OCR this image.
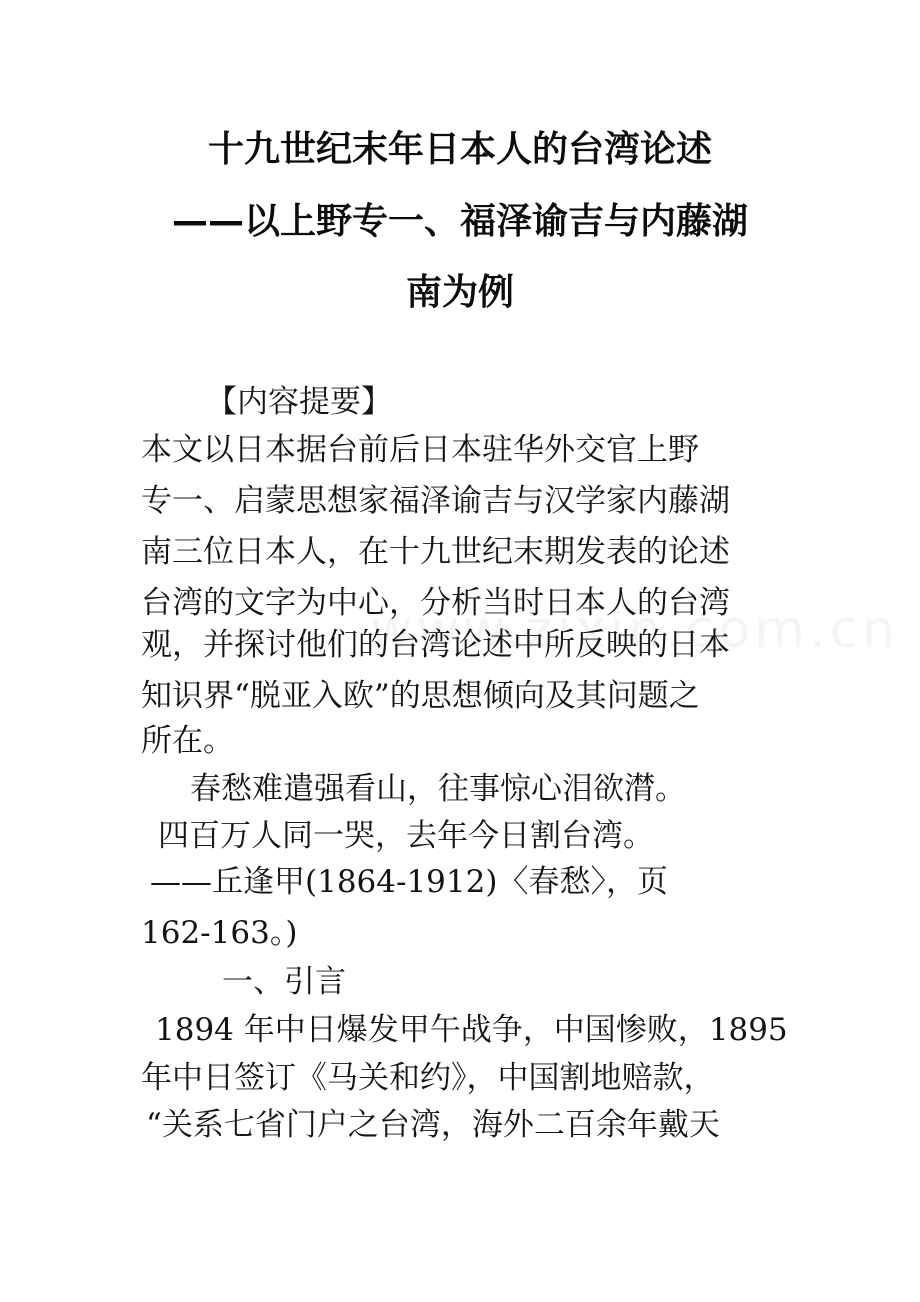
十九世纪末年日本人的台湾论述
——以上野专一、福泽谕吉与内藤湖
南为例
【内容提要】
本文以日本据台前后日本驻华外交官上野
专一、启蒙思想家福泽谕吉与汉学家内藤湖
南三位日本人，在十九世纪末期发表的论述
台湾的文字为中心，分析当时日本人的台湾
观，并探讨他们的台湾论述中所反映的日本
知识界“脱亚入欧”的思想倾向及其问题之
所在。
春愁难遣强看山，往事惊心泪欲潸。
四百万人同一哭，去年今日割台湾。
——丘逢甲(1864-1912)〈春愁〉，页
162-163。)
一、引言
1894 年中日爆发甲午战争，中国惨败，1895
年中日签订《马关和约》，中国割地赔款，
“关系七省门户之台湾，海外二百余年戴天
